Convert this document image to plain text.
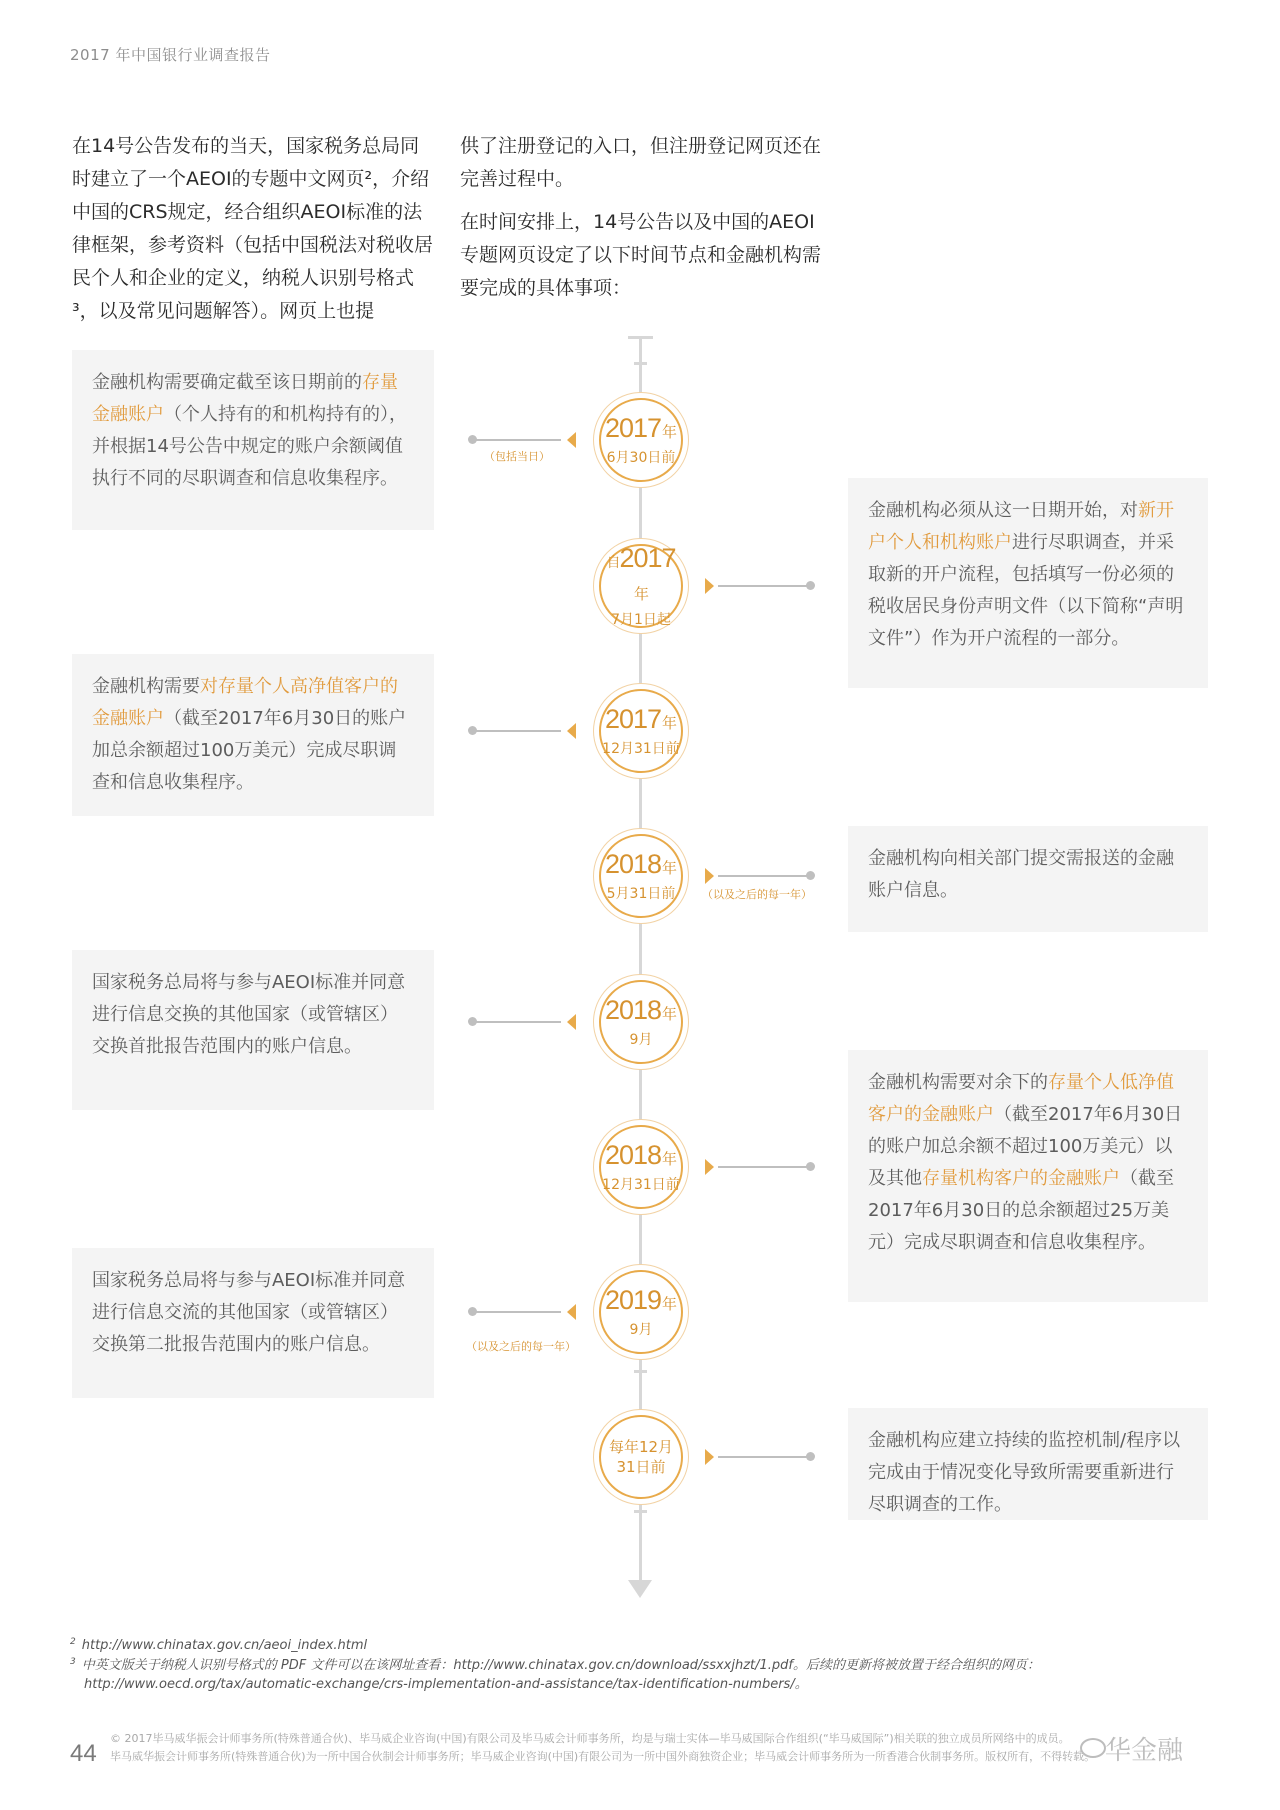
2017 年中国银行业调查报告
在14号公告发布的当天，国家税务总局同时建立了一个AEOI的专题中文网页²，介绍中国的CRS规定，经合组织AEOI标准的法律框架，参考资料（包括中国税法对税收居民个人和企业的定义，纳税人识别号格式³，以及常见问题解答）。网页上也提
供了注册登记的入口，但注册登记网页还在完善过程中。
在时间安排上，14号公告以及中国的AEOI专题网页设定了以下时间节点和金融机构需要完成的具体事项：
2017年
6月30日前
（包括当日）
自2017年
7月1日起
2017年
12月31日前
2018年
5月31日前 （以及之后的每一年）
2018年
9月
2018年
12月31日前
2019年
9月
（以及之后的每一年）
每年12月
31日前
金融机构需要确定截至该日期前的存量金融账户（个人持有的和机构持有的），并根据14号公告中规定的账户余额阈值执行不同的尽职调查和信息收集程序。
金融机构需要对存量个人高净值客户的金融账户（截至2017年6月30日的账户加总余额超过100万美元）完成尽职调查和信息收集程序。
国家税务总局将与参与AEOI标准并同意进行信息交换的其他国家（或管辖区）交换首批报告范围内的账户信息。
国家税务总局将与参与AEOI标准并同意进行信息交流的其他国家（或管辖区）交换第二批报告范围内的账户信息。
金融机构必须从这一日期开始，对新开户个人和机构账户进行尽职调查，并采取新的开户流程，包括填写一份必须的税收居民身份声明文件（以下简称“声明文件”）作为开户流程的一部分。
金融机构向相关部门提交需报送的金融账户信息。
金融机构需要对余下的存量个人低净值客户的金融账户（截至2017年6月30日的账户加总余额不超过100万美元）以及其他存量机构客户的金融账户（截至2017年6月30日的总余额超过25万美元）完成尽职调查和信息收集程序。
金融机构应建立持续的监控机制/程序以完成由于情况变化导致所需要重新进行尽职调查的工作。
$^2$ http://www.chinatax.gov.cn/aeoi_index.html
$^3$ 中英文版关于纳税人识别号格式的 PDF 文件可以在该网址查看：http://www.chinatax.gov.cn/download/ssxxjhzt/1.pdf。后续的更新将被放置于经合组织的网页：
http://www.oecd.org/tax/automatic-exchange/crs-implementation-and-assistance/tax-identification-numbers/。
44
© 2017毕马威华振会计师事务所(特殊普通合伙)、毕马威企业咨询(中国)有限公司及毕马威会计师事务所，均是与瑞士实体—毕马威国际合作组织(“毕马威国际”)相关联的独立成员所网络中的成员。
毕马威华振会计师事务所(特殊普通合伙)为一所中国合伙制会计师事务所；毕马威企业咨询(中国)有限公司为一所中国外商独资企业；毕马威会计师事务所为一所香港合伙制事务所。版权所有，不得转载。 华金融
